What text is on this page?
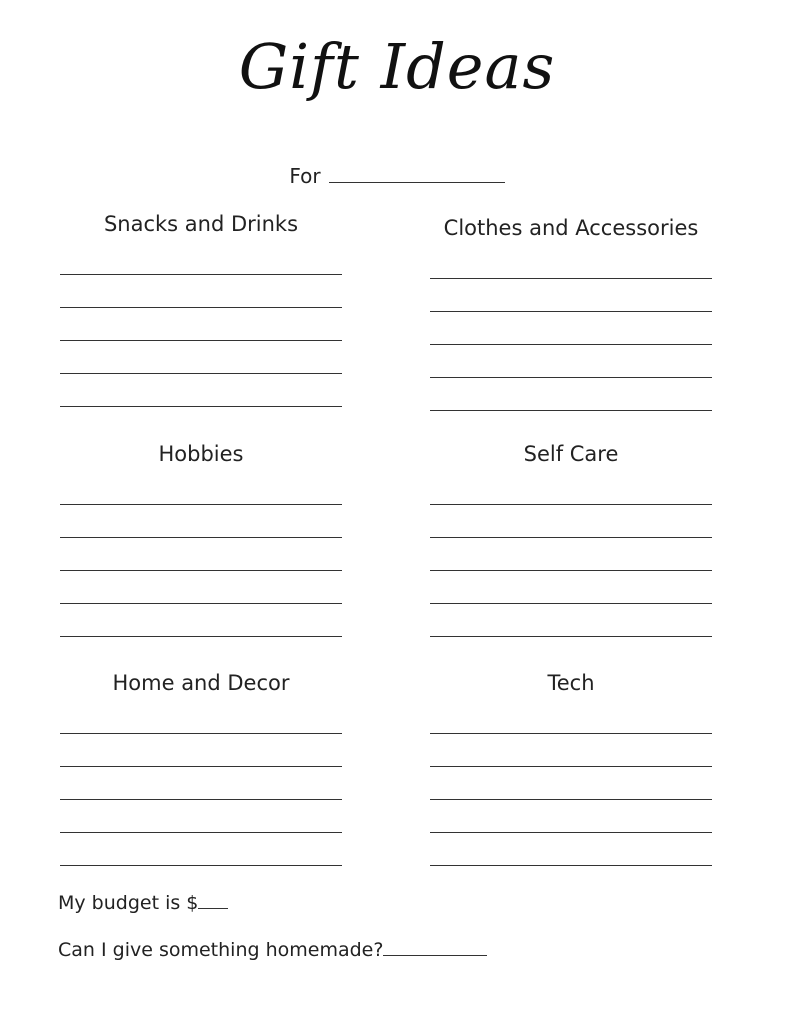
Gift Ideas
For
Snacks and Drinks	Clothes and Accessories
Hobbies	Self Care
Home and Decor	Tech
My budget is $
Can I give something homemade?
